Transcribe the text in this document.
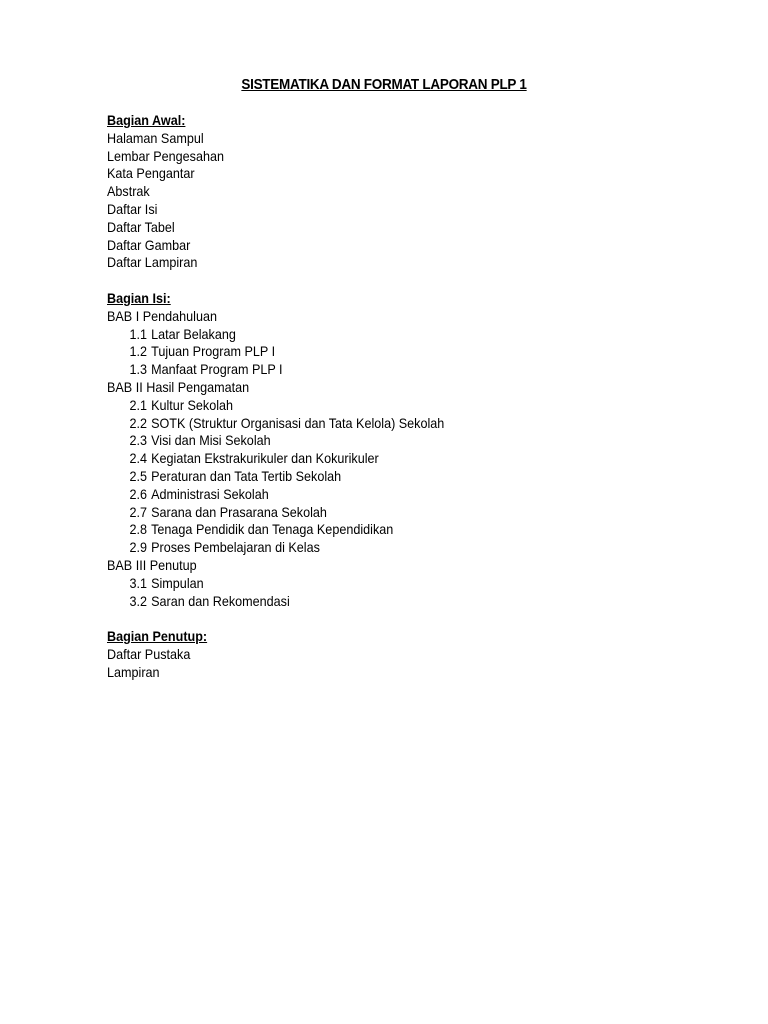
SISTEMATIKA DAN FORMAT LAPORAN PLP 1
Bagian Awal:
Halaman Sampul
Lembar Pengesahan
Kata Pengantar
Abstrak
Daftar Isi
Daftar Tabel
Daftar Gambar
Daftar Lampiran
Bagian Isi:
BAB I Pendahuluan
1.1 Latar Belakang
1.2 Tujuan Program PLP I
1.3 Manfaat Program PLP I
BAB II Hasil Pengamatan
2.1 Kultur Sekolah
2.2 SOTK (Struktur Organisasi dan Tata Kelola) Sekolah
2.3 Visi dan Misi Sekolah
2.4 Kegiatan Ekstrakurikuler dan Kokurikuler
2.5 Peraturan dan Tata Tertib Sekolah
2.6 Administrasi Sekolah
2.7 Sarana dan Prasarana Sekolah
2.8 Tenaga Pendidik dan Tenaga Kependidikan
2.9 Proses Pembelajaran di Kelas
BAB III Penutup
3.1 Simpulan
3.2 Saran dan Rekomendasi
Bagian Penutup:
Daftar Pustaka
Lampiran
